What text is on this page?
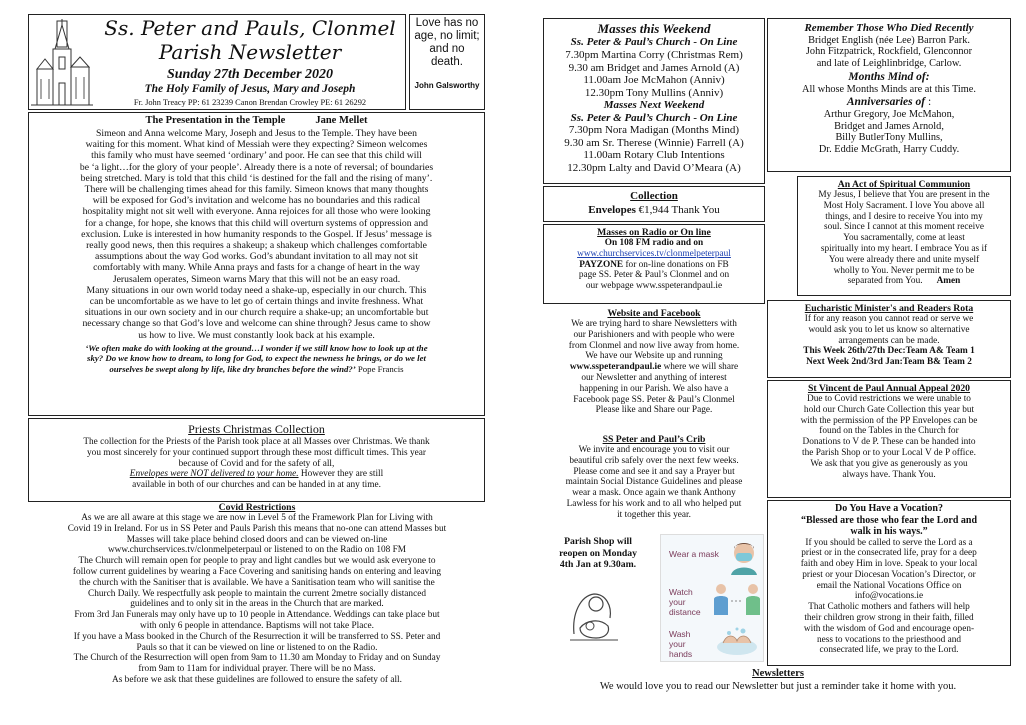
Ss. Peter and Pauls, Clonmel
Parish Newsletter
Sunday 27th December 2020
The Holy Family of Jesus, Mary and Joseph
Fr. John Treacy PP: 61 23239 Canon Brendan Crowley PE: 61 26292
Love has no age, no limit; and no death.
John Galsworthy
The Presentation in the Temple	Jane Mellet

Simeon and Anna welcome Mary, Joseph and Jesus to the Temple. They have been

waiting for this moment. What kind of Messiah were they expecting? Simeon welcomes

this family who must have seemed ‘ordinary’ and poor. He can see that this child will

be ‘a light…for the glory of your people’. Already there is a note of reversal; of boundaries

being stretched. Mary is told that this child ‘is destined for the fall and the rising of many’.

There will be challenging times ahead for this family. Simeon knows that many thoughts

will be exposed for God’s invitation and welcome has no boundaries and this radical

hospitality might not sit well with everyone. Anna rejoices for all those who were looking

for a change, for hope, she knows that this child will overturn systems of oppression and

exclusion. Luke is interested in how humanity responds to the Gospel. If Jesus’ message is

really good news, then this requires a shakeup; a shakeup which challenges comfortable

assumptions about the way God works. God’s abundant invitation to all may not sit

comfortably with many. While Anna prays and fasts for a change of heart in the way

Jerusalem operates, Simeon warns Mary that this will not be an easy road.

Many situations in our own world today need a shake-up, especially in our church. This

can be uncomfortable as we have to let go of certain things and invite freshness. What

situations in our own society and in our church require a shake-up; an uncomfortable but

necessary change so that God’s love and welcome can shine through? Jesus came to show

us how to live. We must constantly look back at his example.

‘We often make do with looking at the ground…I wonder if we still know how to look up at the

sky? Do we know how to dream, to long for God, to expect the newness he brings, or do we let

ourselves be swept along by life, like dry branches before the wind?’ Pope Francis

Priests Christmas Collection

The collection for the Priests of the Parish took place at all Masses over Christmas. We thank

you most sincerely for your continued support through these most difficult times. This year

because of Covid and for the safety of all,

Envelopes were NOT delivered to your home. However they are still

available in both of our churches and can be handed in at any time.

Covid Restrictions

As we are all aware at this stage we are now in Level 5 of the Framework Plan for Living with

Covid 19 in Ireland. For us in SS Peter and Pauls Parish this means that no-one can attend Masses but

Masses will take place behind closed doors and can be viewed on-line

www.churchservices.tv/clonmelpeterpaul or listened to on the Radio on 108 FM

The Church will remain open for people to pray and light candles but we would ask everyone to

follow current guidelines by wearing a Face Covering and sanitising hands on entering and leaving

the church with the Sanitiser that is available. We have a Sanitisation team who will sanitise the

Church Daily. We respectfully ask people to maintain the current 2metre socially distanced

guidelines and to only sit in the areas in the Church that are marked.

From 3rd Jan Funerals may only have up to 10 people in Attendance. Weddings can take place but

with only 6 people in attendance. Baptisms will not take Place.

If you have a Mass booked in the Church of the Resurrection it will be transferred to SS. Peter and

Pauls so that it can be viewed on line or listened to on the Radio.

The Church of the Resurrection will open from 9am to 11.30 am Monday to Friday and on Sunday

from 9am to 11am for individual prayer. There will be no Mass.

As before we ask that these guidelines are followed to ensure the safety of all.

Masses this Weekend
Ss. Peter & Paul’s Church - On Line
7.30pm Martina Corry (Christmas Rem)
9.30 am Bridget and James Arnold (A)
11.00am Joe McMahon (Anniv)
12.30pm Tony Mullins (Anniv)
Masses Next Weekend
Ss. Peter & Paul’s Church - On Line
7.30pm Nora Madigan (Months Mind)
9.30 am Sr. Therese (Winnie) Farrell (A)
11.00am Rotary Club Intentions
12.30pm Lalty and David O’Meara (A)
Collection
Envelopes €1,944 Thank You
Masses on Radio or On line

On 108 FM radio and on

www.churchservices.tv/clonmelpeterpaul

PAYZONE for on-line donations on FB

page SS. Peter & Paul’s Clonmel and on

our webpage www.sspeterandpaul.ie

Website and Facebook

We are trying hard to share Newsletters with

our Parishioners and with people who were

from Clonmel and now live away from home.

We have our Website up and running

www.sspeterandpaul.ie where we will share

our Newsletter and anything of interest

happening in our Parish. We also have a

Facebook page SS. Peter & Paul’s Clonmel

Please like and Share our Page.

SS Peter and Paul’s Crib

We invite and encourage you to visit our

beautiful crib safely over the next few weeks.

Please come and see it and say a Prayer but

maintain Social Distance Guidelines and please

wear a mask. Once again we thank Anthony

Lawless for his work and to all who helped put

it together this year.

Parish Shop will
reopen on Monday
4th Jan at 9.30am.
Wear a mask
Watch your distance
Wash your hands
Remember Those Who Died Recently
Bridget English (née Lee) Barron Park.
John Fitzpatrick, Rockfield, Glenconnor
and late of Leighlinbridge, Carlow.
Months Mind of:
All whose Months Minds are at this Time.
Anniversaries of :
Arthur Gregory, Joe McMahon,
Bridget and James Arnold,
Billy ButlerTony Mullins,
Dr. Eddie McGrath, Harry Cuddy.
An Act of Spiritual Communion

My Jesus, I believe that You are present in the

Most Holy Sacrament. I love You above all

things, and I desire to receive You into my

soul. Since I cannot at this moment receive

You sacramentally, come at least

spiritually into my heart. I embrace You as if

You were already there and unite myself

wholly to You. Never permit me to be

separated from You. Amen

Eucharistic Minister's and Readers Rota

If for any reason you cannot read or serve we

would ask you to let us know so alternative

arrangements can be made.

This Week 26th/27th Dec:Team A& Team 1

Next Week 2nd/3rd Jan:Team B& Team 2

St Vincent de Paul Annual Appeal 2020

Due to Covid restrictions we were unable to

hold our Church Gate Collection this year but

with the permission of the PP Envelopes can be

found on the Tables in the Church for

Donations to V de P. These can be handed into

the Parish Shop or to your Local V de P office.

We ask that you give as generously as you

always have. Thank You.

Do You Have a Vocation?
“Blessed are those who fear the Lord and
walk in his ways.”

If you should be called to serve the Lord as a

priest or in the consecrated life, pray for a deep

faith and obey Him in love. Speak to your local

priest or your Diocesan Vocation’s Director, or

email the National Vocations Office on

info@vocations.ie

That Catholic mothers and fathers will help

their children grow strong in their faith, filled

with the wisdom of God and encourage open-

ness to vocations to the priesthood and

consecrated life, we pray to the Lord.

Newsletters
We would love you to read our Newsletter but just a reminder take it home with you.
